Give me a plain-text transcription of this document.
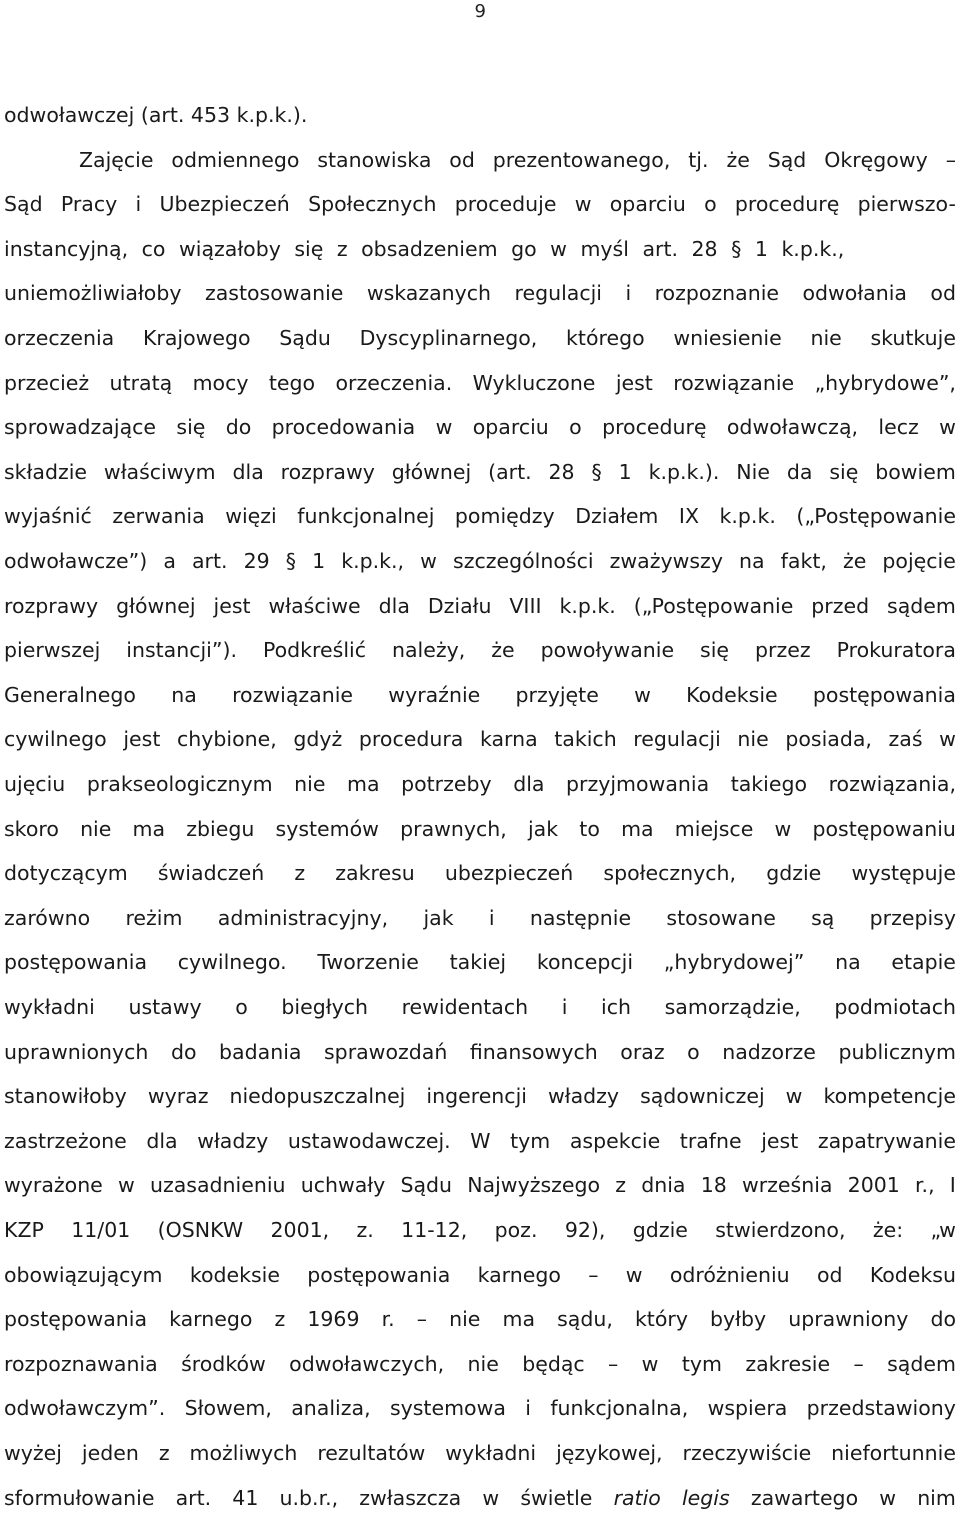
9
odwoławczej (art. 453 k.p.k.).
Zajęcie odmiennego stanowiska od prezentowanego, tj. że Sąd Okręgowy –
Sąd Pracy i Ubezpieczeń Społecznych proceduje w oparciu o procedurę pierwszo-
instancyjną, co wiązałoby się z obsadzeniem go w myśl art. 28 § 1 k.p.k.,
uniemożliwiałoby zastosowanie wskazanych regulacji i rozpoznanie odwołania od
orzeczenia Krajowego Sądu Dyscyplinarnego, którego wniesienie nie skutkuje
przecież utratą mocy tego orzeczenia. Wykluczone jest rozwiązanie „hybrydowe”,
sprowadzające się do procedowania w oparciu o procedurę odwoławczą, lecz w
składzie właściwym dla rozprawy głównej (art. 28 § 1 k.p.k.). Nie da się bowiem
wyjaśnić zerwania więzi funkcjonalnej pomiędzy Działem IX k.p.k. („Postępowanie
odwoławcze”) a art. 29 § 1 k.p.k., w szczególności zważywszy na fakt, że pojęcie
rozprawy głównej jest właściwe dla Działu VIII k.p.k. („Postępowanie przed sądem
pierwszej instancji”). Podkreślić należy, że powoływanie się przez Prokuratora
Generalnego na rozwiązanie wyraźnie przyjęte w Kodeksie postępowania
cywilnego jest chybione, gdyż procedura karna takich regulacji nie posiada, zaś w
ujęciu prakseologicznym nie ma potrzeby dla przyjmowania takiego rozwiązania,
skoro nie ma zbiegu systemów prawnych, jak to ma miejsce w postępowaniu
dotyczącym świadczeń z zakresu ubezpieczeń społecznych, gdzie występuje
zarówno reżim administracyjny, jak i następnie stosowane są przepisy
postępowania cywilnego. Tworzenie takiej koncepcji „hybrydowej” na etapie
wykładni ustawy o biegłych rewidentach i ich samorządzie, podmiotach
uprawnionych do badania sprawozdań finansowych oraz o nadzorze publicznym
stanowiłoby wyraz niedopuszczalnej ingerencji władzy sądowniczej w kompetencje
zastrzeżone dla władzy ustawodawczej. W tym aspekcie trafne jest zapatrywanie
wyrażone w uzasadnieniu uchwały Sądu Najwyższego z dnia 18 września 2001 r., I
KZP 11/01 (OSNKW 2001, z. 11-12, poz. 92), gdzie stwierdzono, że: „w
obowiązującym kodeksie postępowania karnego – w odróżnieniu od Kodeksu
postępowania karnego z 1969 r. – nie ma sądu, który byłby uprawniony do
rozpoznawania środków odwoławczych, nie będąc – w tym zakresie – sądem
odwoławczym”. Słowem, analiza, systemowa i funkcjonalna, wspiera przedstawiony
wyżej jeden z możliwych rezultatów wykładni językowej, rzeczywiście niefortunnie
sformułowanie art. 41 u.b.r., zwłaszcza w świetle ratio legis zawartego w nim
